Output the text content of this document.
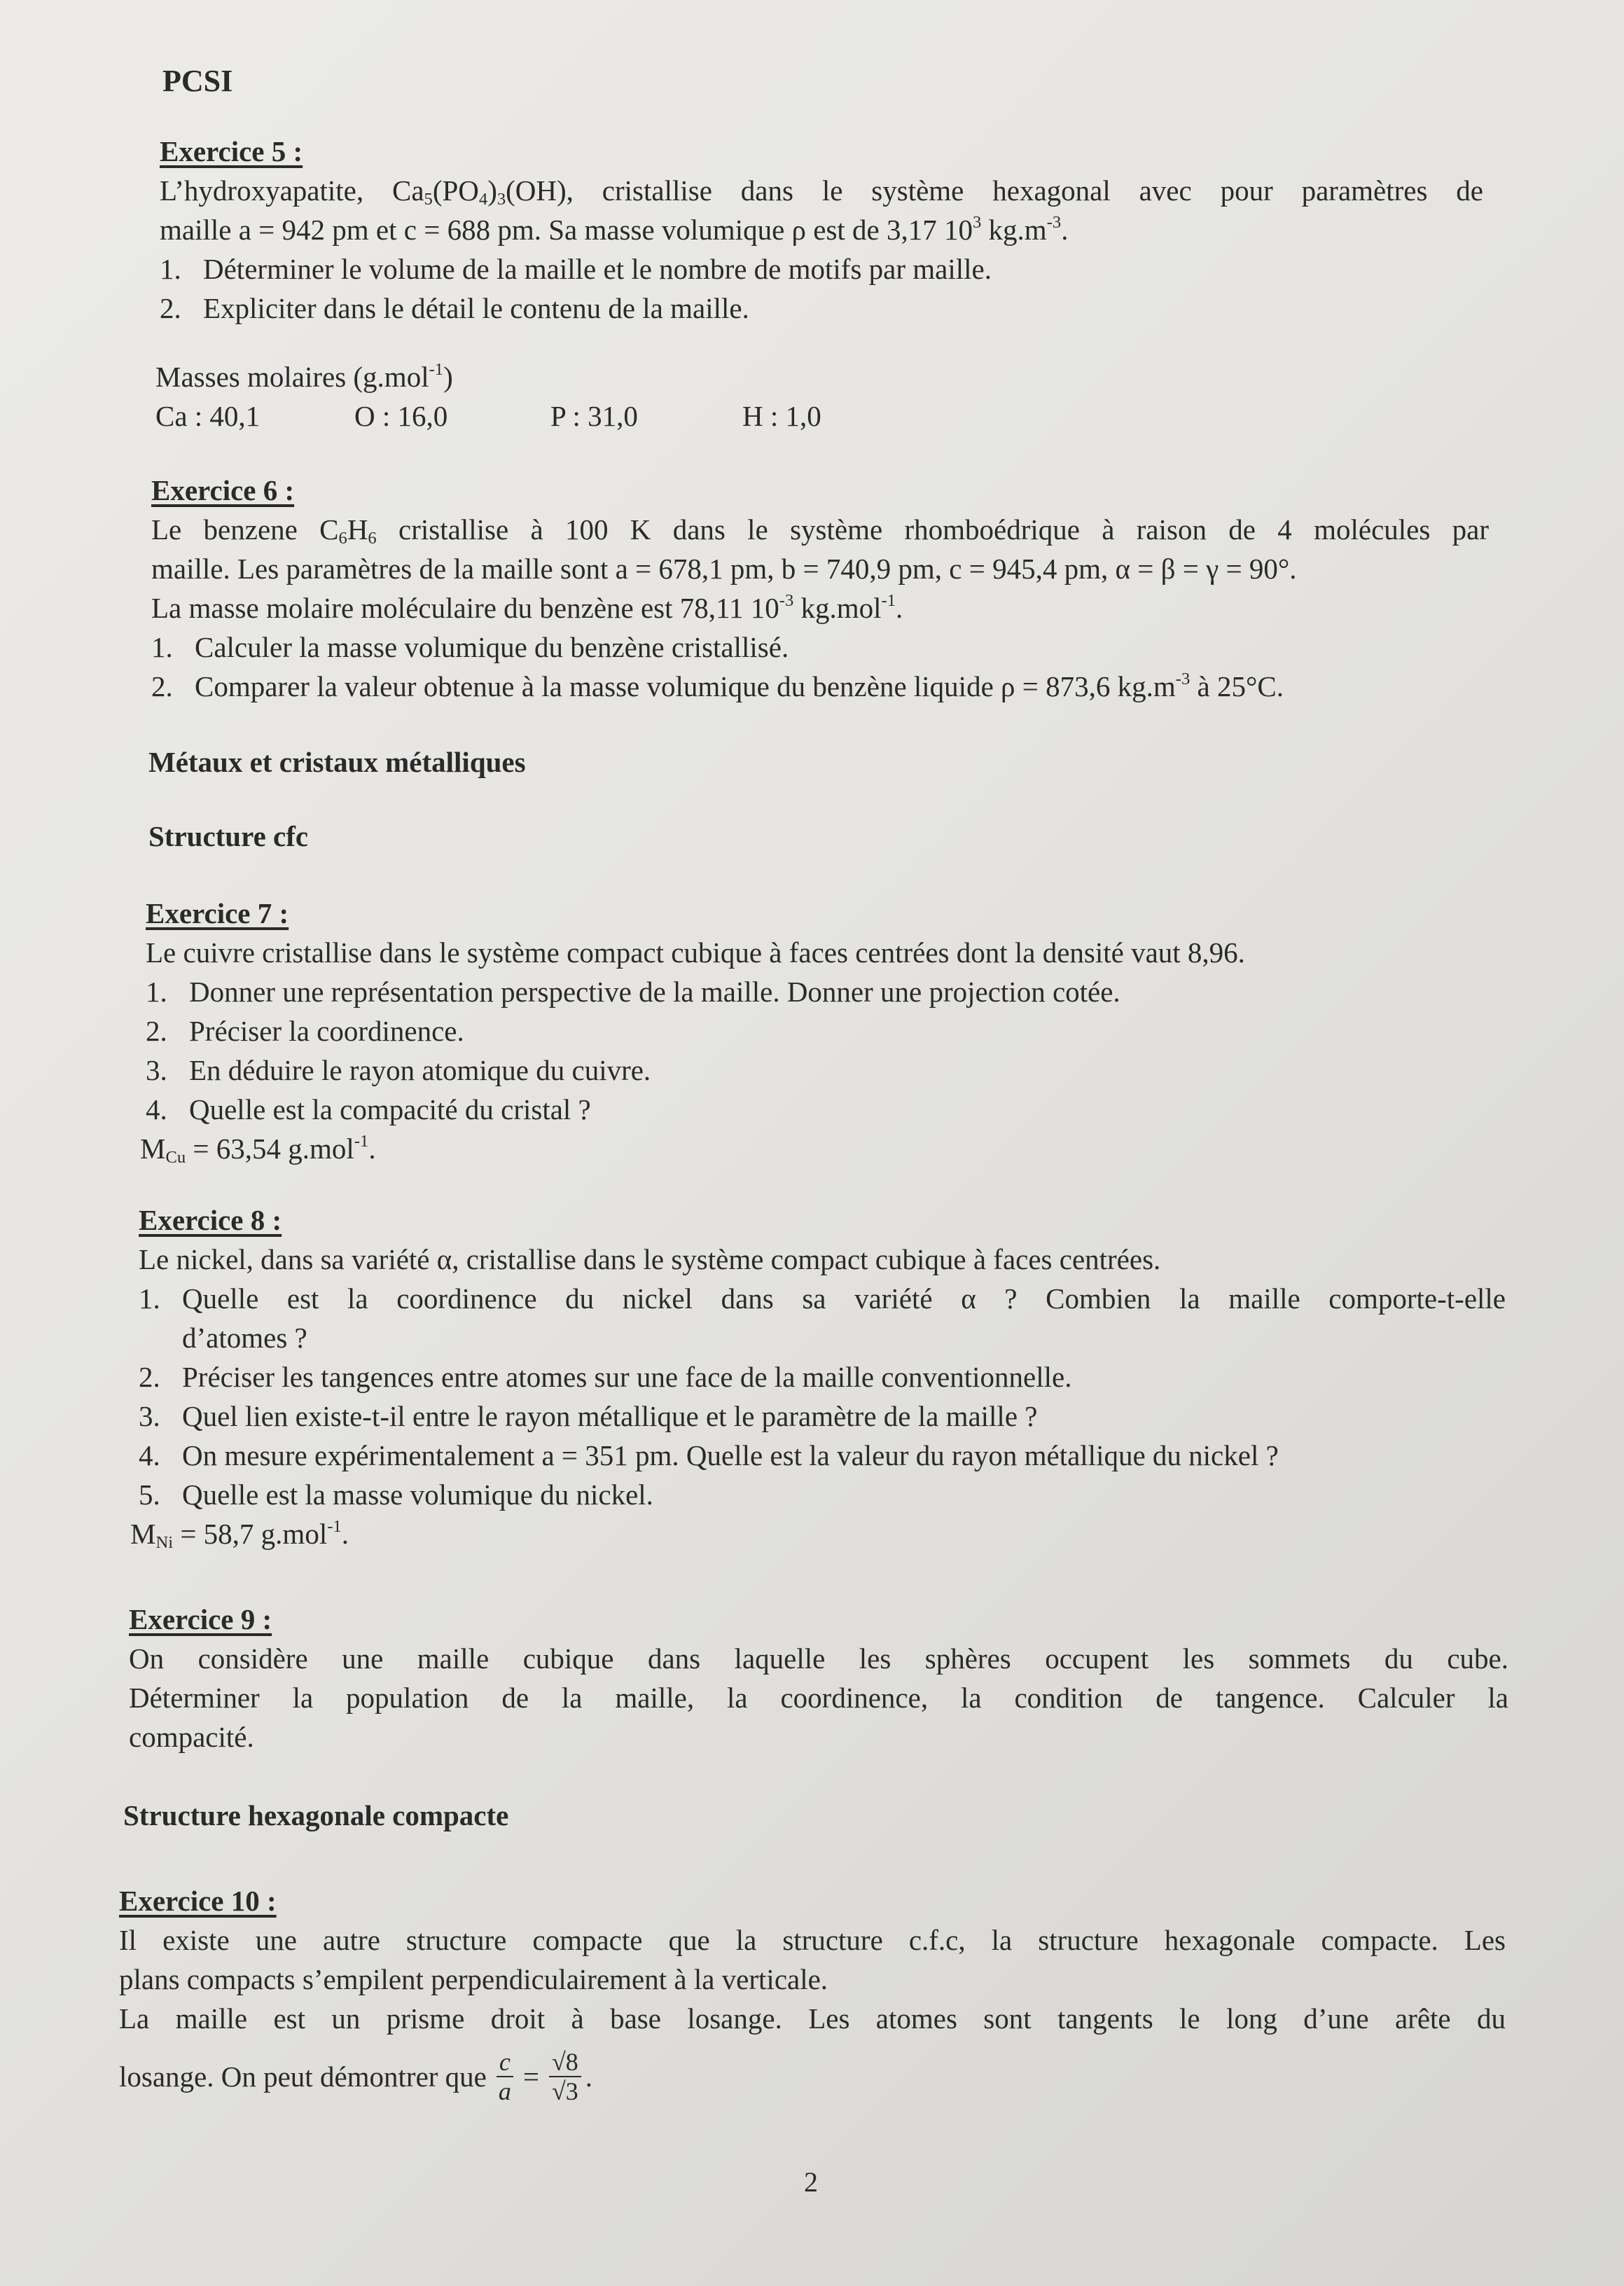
PCSI
Exercice 5 :
L’hydroxyapatite, $Ca_5(PO_4)_3(OH)$, cristallise dans le système hexagonal avec pour paramètres de
maille a = 942 pm et c = 688 pm. Sa masse volumique ρ est de 3,17 $10^3$ $kg.m^{-3}$.
1. Déterminer le volume de la maille et le nombre de motifs par maille.
2. Expliciter dans le détail le contenu de la maille.
Masses molaires (g.mol$^{-1}$)
Ca : 40,1	O : 16,0	P : 31,0	H : 1,0
Exercice 6 :
Le benzene $C_6H_6$ cristallise à 100 K dans le système rhomboédrique à raison de 4 molécules par
maille. Les paramètres de la maille sont a = 678,1 pm, b = 740,9 pm, c = 945,4 pm, α = β = γ = 90°.
La masse molaire moléculaire du benzène est 78,11 $10^{-3}$ kg.mol$^{-1}$.
1. Calculer la masse volumique du benzène cristallisé.
2. Comparer la valeur obtenue à la masse volumique du benzène liquide ρ = 873,6 $kg.m^{-3}$ à 25°C.
Métaux et cristaux métalliques
Structure cfc
Exercice 7 :
Le cuivre cristallise dans le système compact cubique à faces centrées dont la densité vaut 8,96.
1. Donner une représentation perspective de la maille. Donner une projection cotée.
2. Préciser la coordinence.
3. En déduire le rayon atomique du cuivre.
4. Quelle est la compacité du cristal ?
$M_{Cu} = 63,54$ g.mol$^{-1}$.
Exercice 8 :
Le nickel, dans sa variété α, cristallise dans le système compact cubique à faces centrées.
1. Quelle est la coordinence du nickel dans sa variété α ? Combien la maille comporte-t-elle
d’atomes ?
2. Préciser les tangences entre atomes sur une face de la maille conventionnelle.
3. Quel lien existe-t-il entre le rayon métallique et le paramètre de la maille ?
4. On mesure expérimentalement a = 351 pm. Quelle est la valeur du rayon métallique du nickel ?
5. Quelle est la masse volumique du nickel.
$M_{Ni} = 58,7$ g.mol$^{-1}$.
Exercice 9 :
On considère une maille cubique dans laquelle les sphères occupent les sommets du cube.
Déterminer la population de la maille, la coordinence, la condition de tangence. Calculer la
compacité.
Structure hexagonale compacte
Exercice 10 :
Il existe une autre structure compacte que la structure c.f.c, la structure hexagonale compacte. Les
plans compacts s’empilent perpendiculairement à la verticale.
La maille est un prisme droit à base losange. Les atomes sont tangents le long d’une arête du
losange. On peut démontrer que $\frac{c}{a} = \frac{√8}{√3}$ .
2
